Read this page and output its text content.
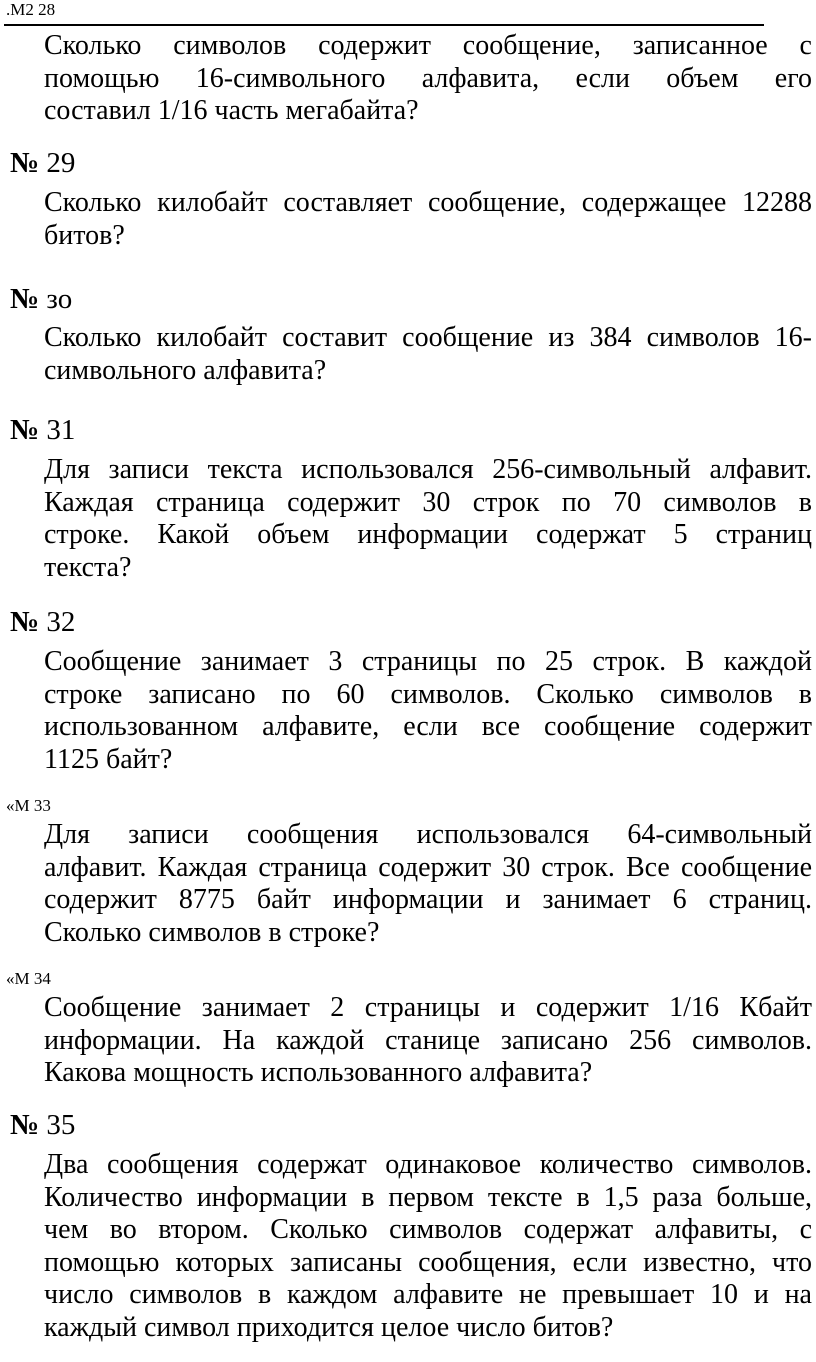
.М2 28
Сколько символов содержит сообщение, записанное с
помощью 16-символьного алфавита, если объем его
составил 1/16 часть мегабайта?
№ 29
Сколько килобайт составляет сообщение, содержащее 12288
битов?
№ зо
Сколько килобайт составит сообщение из 384 символов 16-
символьного алфавита?
№ 31
Для записи текста использовался 256-символьный алфавит.
Каждая страница содержит 30 строк по 70 символов в
строке. Какой объем информации содержат 5 страниц
текста?
№ 32
Сообщение занимает 3 страницы по 25 строк. В каждой
строке записано по 60 символов. Сколько символов в
использованном алфавите, если все сообщение содержит
1125 байт?
«М 33
Для записи сообщения использовался 64-символьный
алфавит. Каждая страница содержит 30 строк. Все сообщение
содержит 8775 байт информации и занимает 6 страниц.
Сколько символов в строке?
«М 34
Сообщение занимает 2 страницы и содержит 1/16 Кбайт
информации. На каждой станице записано 256 символов.
Какова мощность использованного алфавита?
№ 35
Два сообщения содержат одинаковое количество символов.
Количество информации в первом тексте в 1,5 раза больше,
чем во втором. Сколько символов содержат алфавиты, с
помощью которых записаны сообщения, если известно, что
число символов в каждом алфавите не превышает 10 и на
каждый символ приходится целое число битов?
